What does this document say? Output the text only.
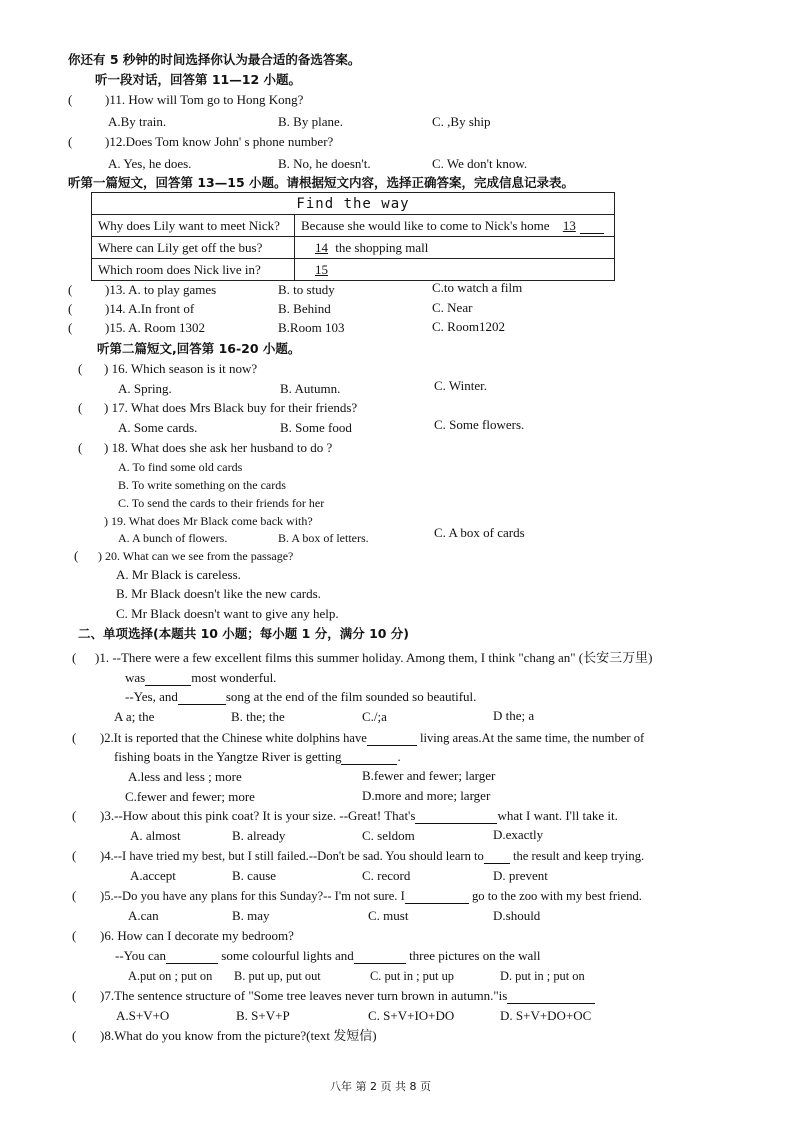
你还有 5 秒钟的时间选择你认为最合适的备选答案。
听一段对话，回答第 11—12 小题。
(	)11. How will Tom go to Hong Kong?
A.By train.	B. By plane.	C. ,By ship
(	)12.Does Tom know John' s phone number?
A. Yes, he does.	B. No, he doesn't.	C. We don't know.
听第一篇短文，回答第 13—15 小题。请根据短文内容，选择正确答案，完成信息记录表。
Find the way	
Why does Lily want to meet Nick?	Because she would like to come to Nick's home 13
Where can Lily get off the bus?	14 the shopping mall
Which room does Nick live in?	15
(	)13. A. to play games	B. to study	C.to watch a film
(	)14. A.In front of	B. Behind	C. Near
(	)15. A. Room 1302	B.Room 103	C. Room1202
听第二篇短文,回答第 16-20 小题。
( ) 16. Which season is it now?
A. Spring.	B. Autumn.	C. Winter.
( ) 17. What does Mrs Black buy for their friends?
A. Some cards.	B. Some food	C. Some flowers.
( ) 18. What does she ask her husband to do ?
A. To find some old cards
B. To write something on the cards
C. To send the cards to their friends for her
) 19. What does Mr Black come back with?
A. A bunch of flowers.	B. A box of letters.	C. A box of cards
( ) 20. What can we see from the passage?
A. Mr Black is careless.
B. Mr Black doesn't like the new cards.
C. Mr Black doesn't want to give any help.
二、单项选择(本题共 10 小题；每小题 1 分，满分 10 分)
( )1. --There were a few excellent films this summer holiday. Among them, I think "chang an" (长安三万里)
was	most wonderful.
--Yes, and	song at the end of the film sounded so beautiful.
A a; the	B. the; the	C./;a	D the; a
( )2.It is reported that the Chinese white dolphins have	living areas.At the same time, the number of
fishing boats in the Yangtze River is getting	.
A.less and less ; more	B.fewer and fewer; larger
C.fewer and fewer; more	D.more and more; larger
( )3.--How about this pink coat? It is your size. --Great! That's	what I want. I'll take it.
A. almost	B. already	C. seldom	D.exactly
( )4.--I have tried my best, but I still failed.--Don't be sad. You should learn to the result and keep trying.
A.accept	B. cause	C. record	D. prevent
( )5.--Do you have any plans for this Sunday?-- I'm not sure. I	go to the zoo with my best friend.
A.can	B. may	C. must	D.should
( )6. How can I decorate my bedroom?
--You can	some colourful lights and	three pictures on the wall
A.put on ; put on B. put up, put out	C. put in ; put up	D. put in ; put on
( )7.The sentence structure of "Some tree leaves never turn brown in autumn."is
A.S+V+O	B. S+V+P	C. S+V+IO+DO	D. S+V+DO+OC
( )8.What do you know from the picture?(text 发短信)
八年 第 2 页 共 8 页
